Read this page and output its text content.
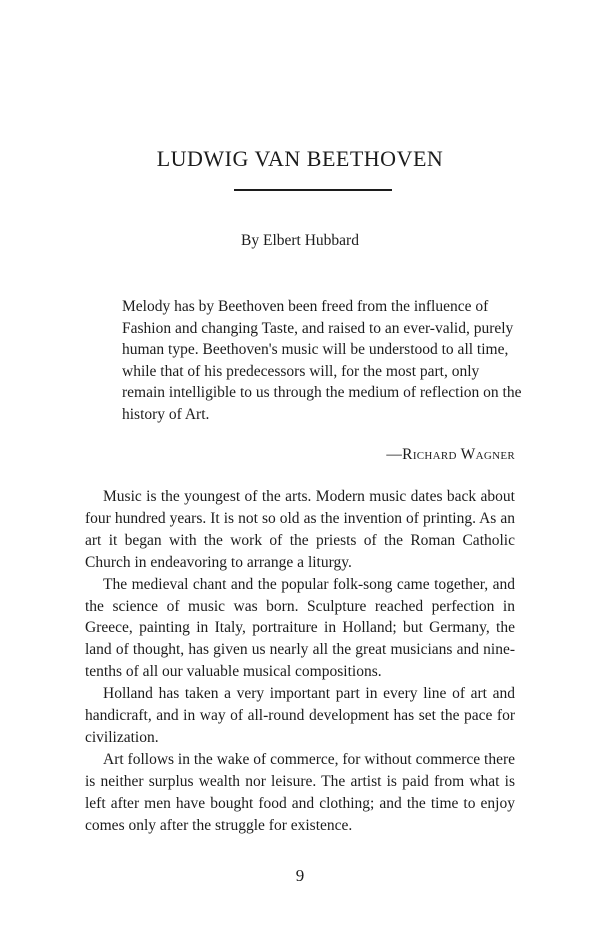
LUDWIG VAN BEETHOVEN
By Elbert Hubbard
Melody has by Beethoven been freed from the influence of Fashion and changing Taste, and raised to an ever-valid, purely human type. Beethoven's music will be understood to all time, while that of his predecessors will, for the most part, only remain intelligible to us through the medium of reflection on the history of Art.
—Richard Wagner

Music is the youngest of the arts. Modern music dates back about four hundred years. It is not so old as the invention of printing. As an art it began with the work of the priests of the Roman Catholic Church in endeavoring to arrange a liturgy.

The medieval chant and the popular folk-song came together, and the science of music was born. Sculpture reached perfection in Greece, painting in Italy, portraiture in Holland; but Germany, the land of thought, has given us nearly all the great musicians and nine-tenths of all our valuable musical compositions.

Holland has taken a very important part in every line of art and handicraft, and in way of all-round development has set the pace for civilization.

Art follows in the wake of commerce, for without commerce there is neither surplus wealth nor leisure. The artist is paid from what is left after men have bought food and clothing; and the time to enjoy comes only after the struggle for existence.

9
